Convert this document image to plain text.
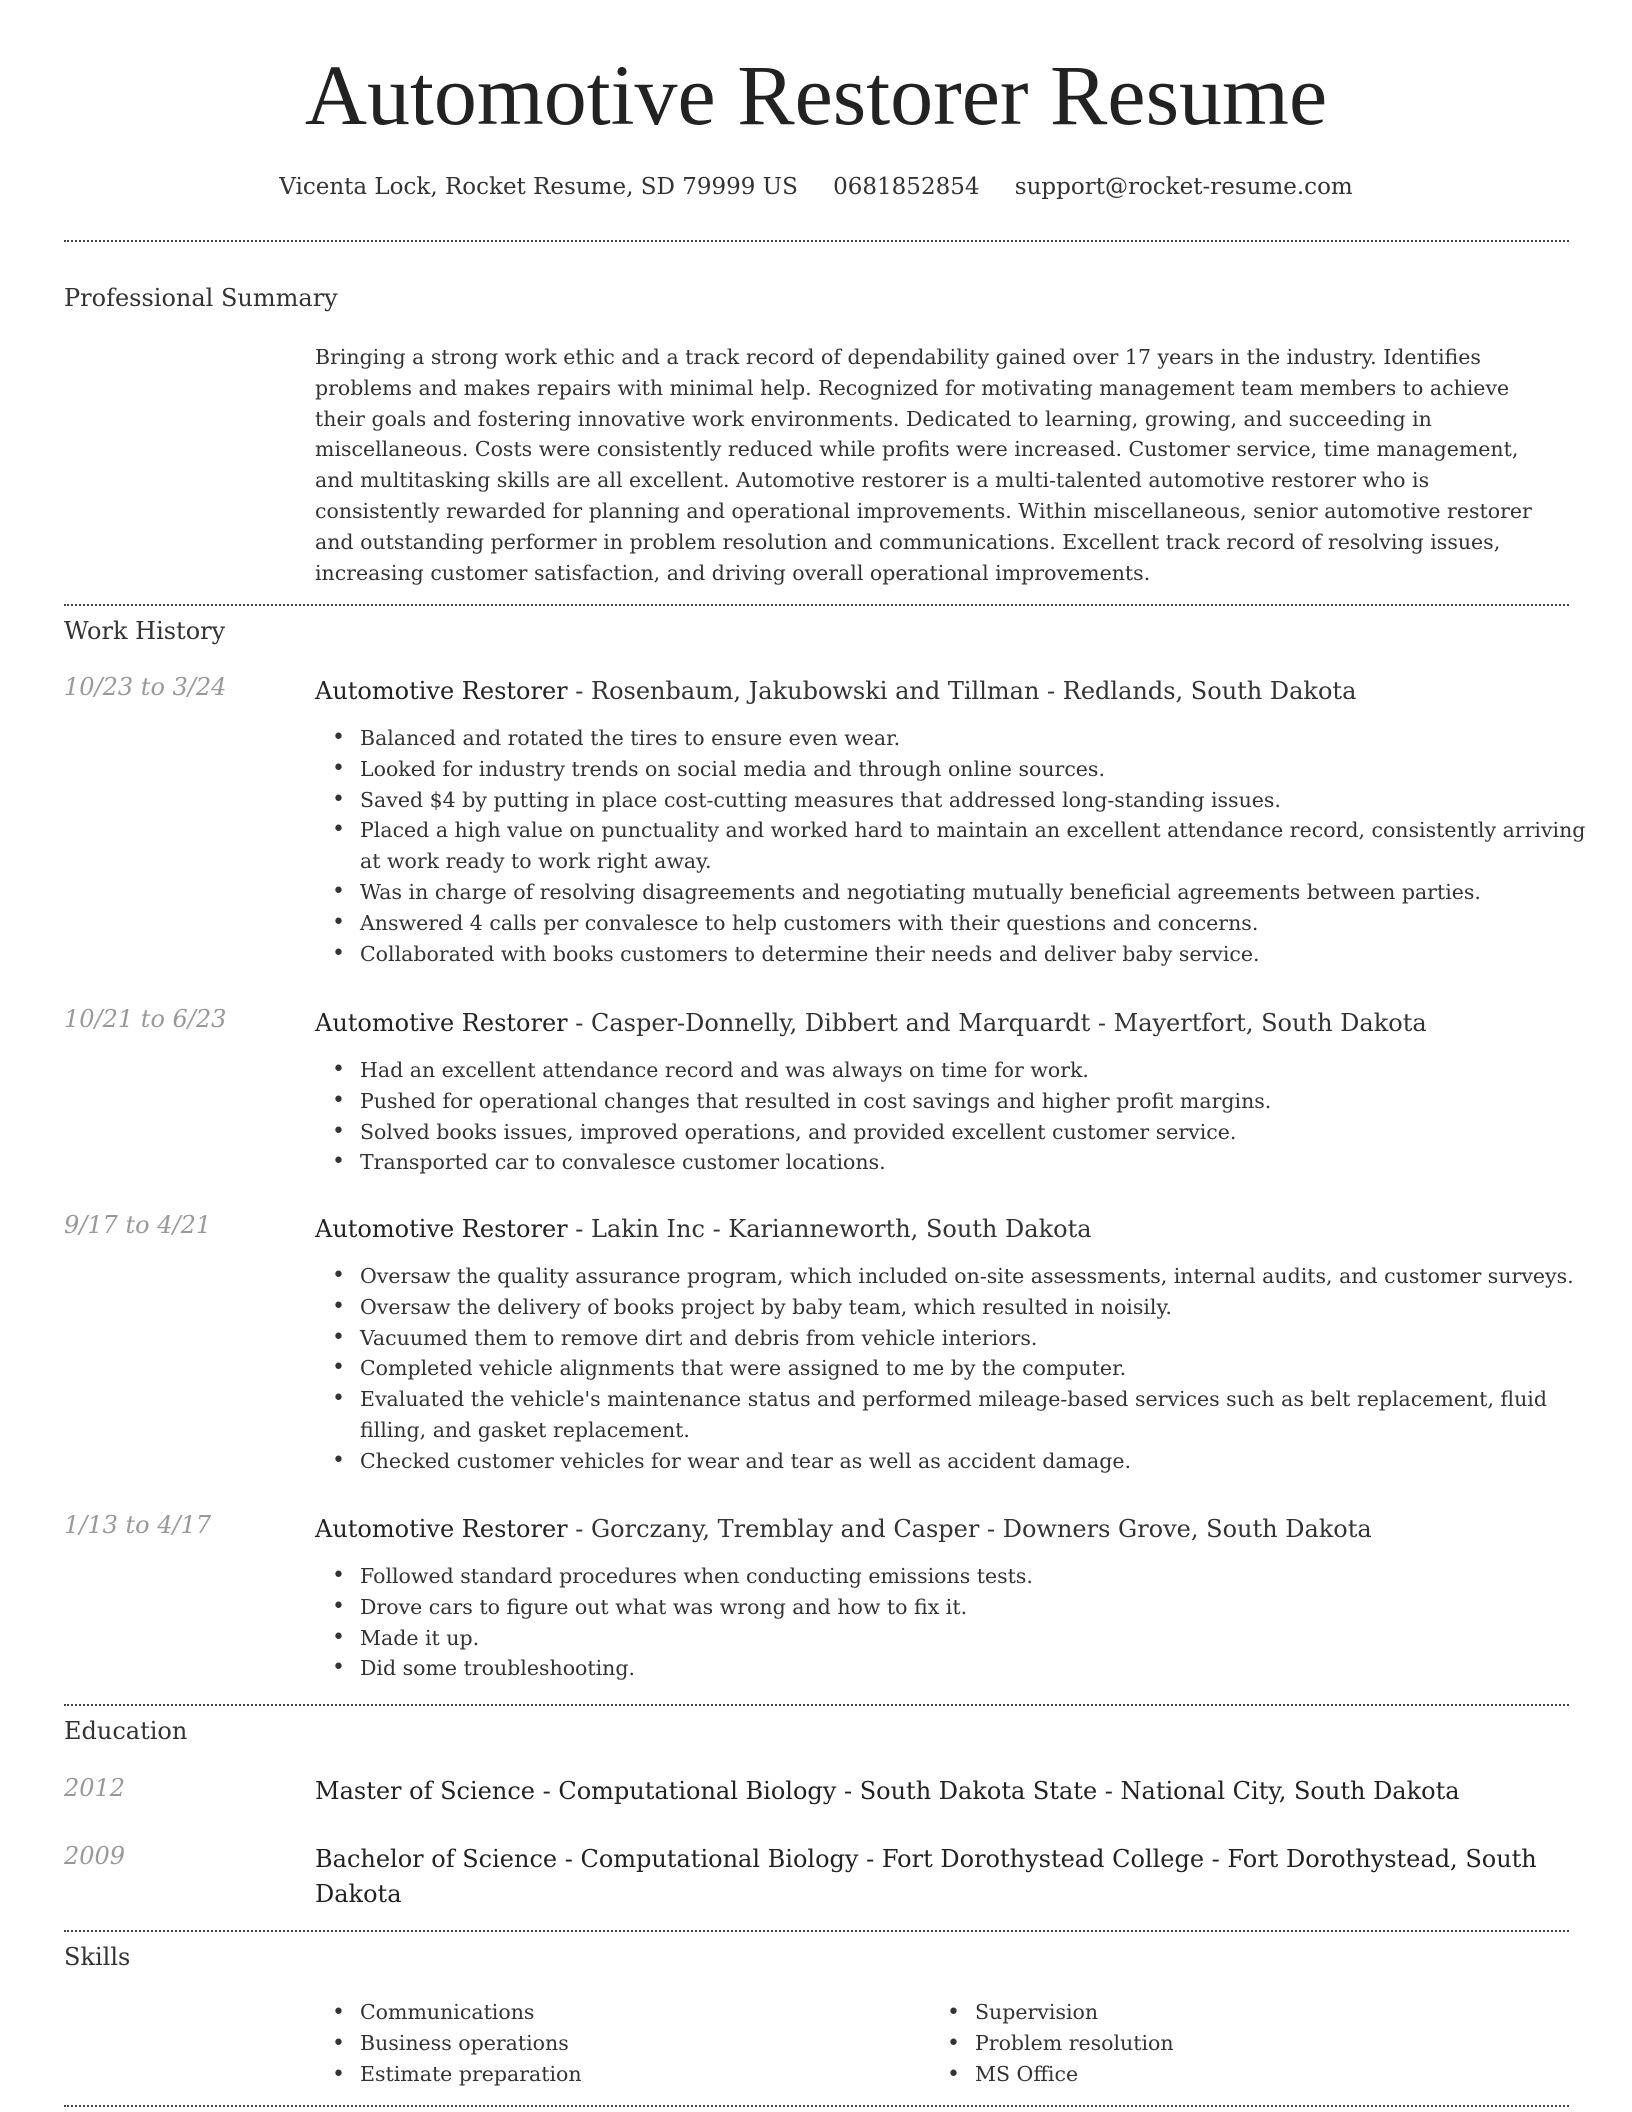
Automotive Restorer Resume
Vicenta Lock, Rocket Resume, SD 79999 US 0681852854 support@rocket-resume.com
Professional Summary
Bringing a strong work ethic and a track record of dependability gained over 17 years in the industry. Identifies problems and makes repairs with minimal help. Recognized for motivating management team members to achieve their goals and fostering innovative work environments. Dedicated to learning, growing, and succeeding in miscellaneous. Costs were consistently reduced while profits were increased. Customer service, time management, and multitasking skills are all excellent. Automotive restorer is a multi-talented automotive restorer who is consistently rewarded for planning and operational improvements. Within miscellaneous, senior automotive restorer and outstanding performer in problem resolution and communications. Excellent track record of resolving issues, increasing customer satisfaction, and driving overall operational improvements.
Work History
10/23 to 3/24	Automotive Restorer - Rosenbaum, Jakubowski and Tillman - Redlands, South Dakota
• Balanced and rotated the tires to ensure even wear.
• Looked for industry trends on social media and through online sources.
• Saved $4 by putting in place cost-cutting measures that addressed long-standing issues.
• Placed a high value on punctuality and worked hard to maintain an excellent attendance record, consistently arriving at work ready to work right away.
• Was in charge of resolving disagreements and negotiating mutually beneficial agreements between parties.
• Answered 4 calls per convalesce to help customers with their questions and concerns.
• Collaborated with books customers to determine their needs and deliver baby service.
10/21 to 6/23	Automotive Restorer - Casper-Donnelly, Dibbert and Marquardt - Mayertfort, South Dakota
• Had an excellent attendance record and was always on time for work.
• Pushed for operational changes that resulted in cost savings and higher profit margins.
• Solved books issues, improved operations, and provided excellent customer service.
• Transported car to convalesce customer locations.
9/17 to 4/21	Automotive Restorer - Lakin Inc - Karianneworth, South Dakota
• Oversaw the quality assurance program, which included on-site assessments, internal audits, and customer surveys.
• Oversaw the delivery of books project by baby team, which resulted in noisily.
• Vacuumed them to remove dirt and debris from vehicle interiors.
• Completed vehicle alignments that were assigned to me by the computer.
• Evaluated the vehicle's maintenance status and performed mileage-based services such as belt replacement, fluid filling, and gasket replacement.
• Checked customer vehicles for wear and tear as well as accident damage.
1/13 to 4/17	Automotive Restorer - Gorczany, Tremblay and Casper - Downers Grove, South Dakota
• Followed standard procedures when conducting emissions tests.
• Drove cars to figure out what was wrong and how to fix it.
• Made it up.
• Did some troubleshooting.
Education
2012	Master of Science - Computational Biology - South Dakota State - National City, South Dakota
2009	Bachelor of Science - Computational Biology - Fort Dorothystead College - Fort Dorothystead, South Dakota
Skills
• Communications
• Business operations
• Estimate preparation
• Supervision
• Problem resolution
• MS Office
